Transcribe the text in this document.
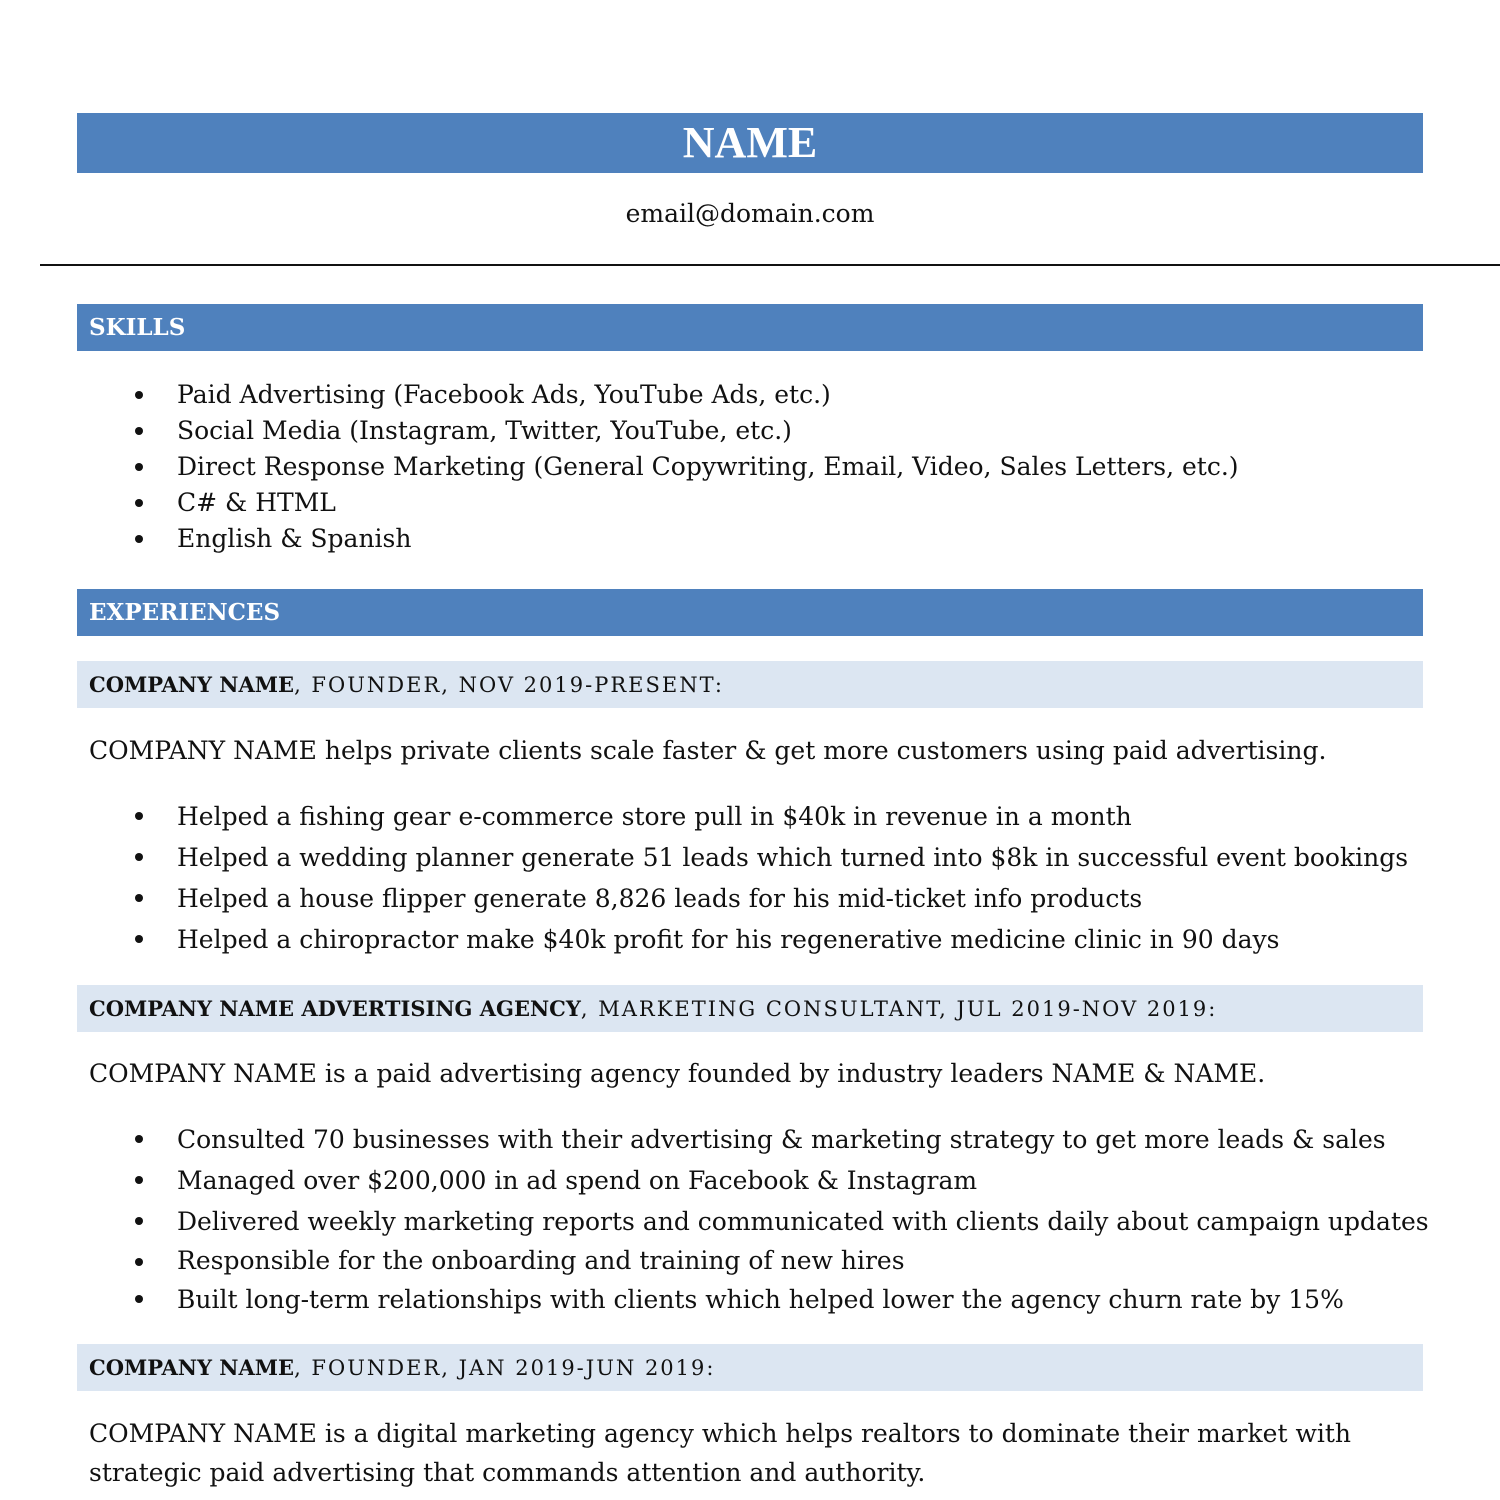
NAME
email@domain.com
SKILLS
Paid Advertising (Facebook Ads, YouTube Ads, etc.)
Social Media (Instagram, Twitter, YouTube, etc.)
Direct Response Marketing (General Copywriting, Email, Video, Sales Letters, etc.)
C# & HTML
English & Spanish
EXPERIENCES
COMPANY NAME, FOUNDER, NOV 2019-PRESENT:
COMPANY NAME helps private clients scale faster & get more customers using paid advertising.
Helped a fishing gear e-commerce store pull in $40k in revenue in a month
Helped a wedding planner generate 51 leads which turned into $8k in successful event bookings
Helped a house flipper generate 8,826 leads for his mid-ticket info products
Helped a chiropractor make $40k profit for his regenerative medicine clinic in 90 days
COMPANY NAME ADVERTISING AGENCY, MARKETING CONSULTANT, JUL 2019-NOV 2019:
COMPANY NAME is a paid advertising agency founded by industry leaders NAME & NAME.
Consulted 70 businesses with their advertising & marketing strategy to get more leads & sales
Managed over $200,000 in ad spend on Facebook & Instagram
Delivered weekly marketing reports and communicated with clients daily about campaign updates
Responsible for the onboarding and training of new hires
Built long-term relationships with clients which helped lower the agency churn rate by 15%
COMPANY NAME, FOUNDER, JAN 2019-JUN 2019:
COMPANY NAME is a digital marketing agency which helps realtors to dominate their market with strategic paid advertising that commands attention and authority.
